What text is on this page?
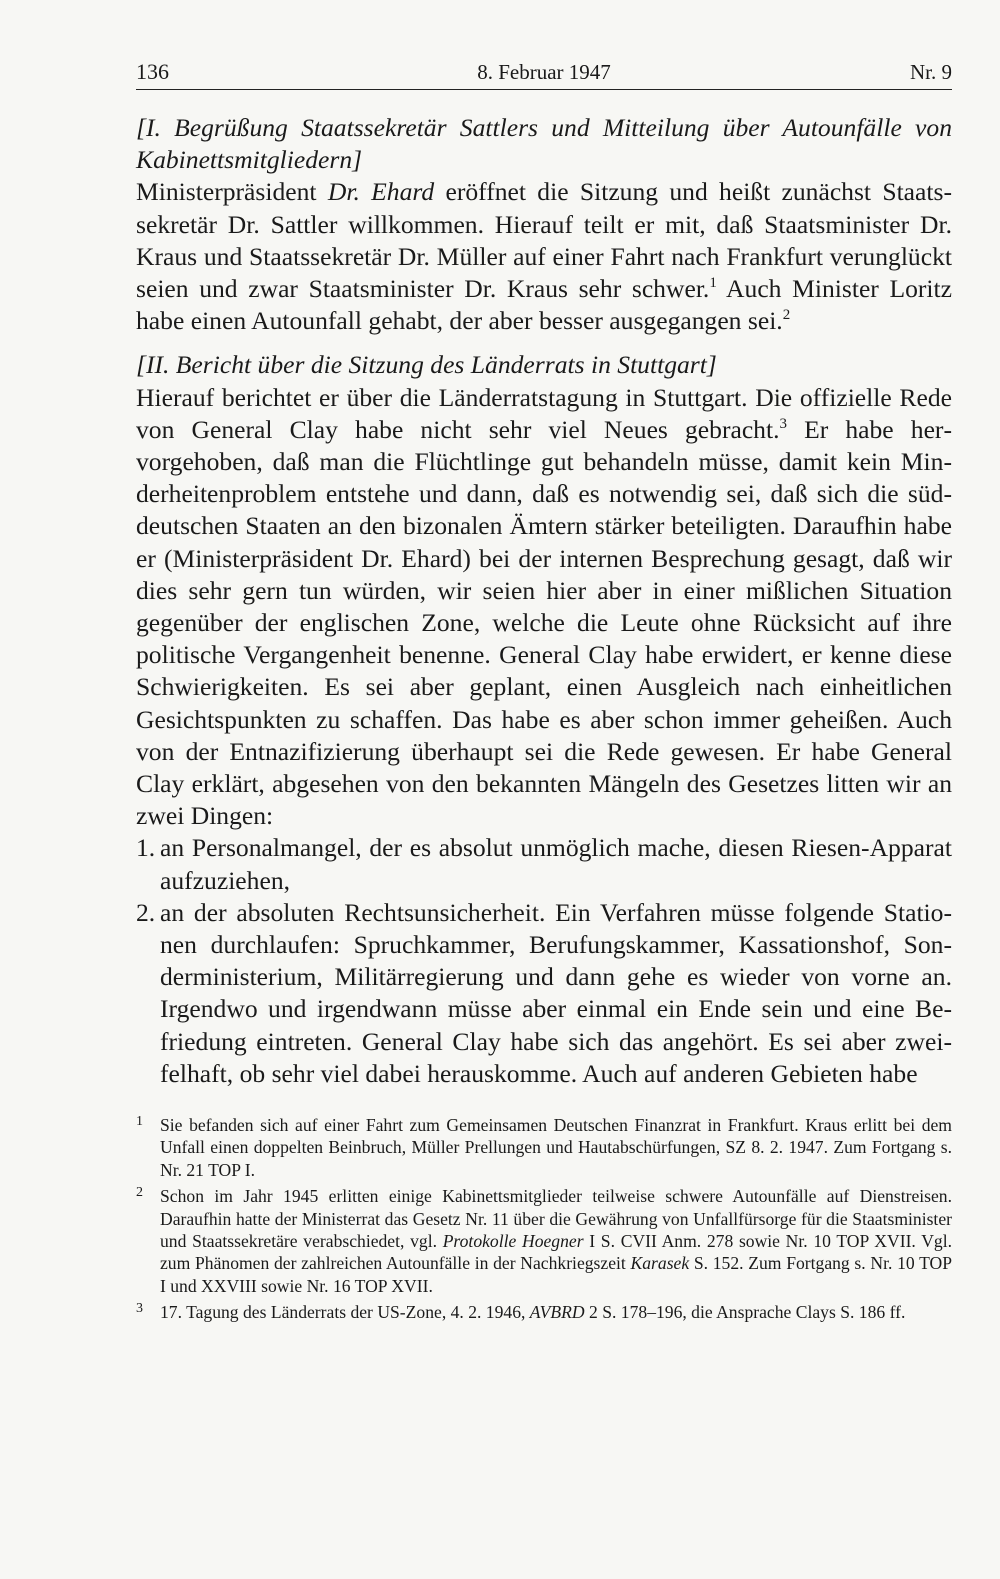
136	8. Februar 1947	Nr. 9

[I. Begrüßung Staatssekretär Sattlers und Mitteilung über Autounfälle von Kabinettsmitgliedern]

Ministerpräsident Dr. Ehard eröffnet die Sitzung und heißt zunächst Staatssekretär Dr. Sattler willkommen. Hierauf teilt er mit, daß Staatsminister Dr. Kraus und Staatssekretär Dr. Müller auf einer Fahrt nach Frankfurt verunglückt seien und zwar Staatsminister Dr. Kraus sehr schwer.$^1$ Auch Minister Loritz habe einen Autounfall gehabt, der aber besser ausgegangen sei.$^2$

[II. Bericht über die Sitzung des Länderrats in Stuttgart]

Hierauf berichtet er über die Länderratstagung in Stuttgart. Die offizielle Rede von General Clay habe nicht sehr viel Neues gebracht.$^3$ Er habe hervorgehoben, daß man die Flüchtlinge gut behandeln müsse, damit kein Minderheitenproblem entstehe und dann, daß es notwendig sei, daß sich die süddeutschen Staaten an den bizonalen Ämtern stärker beteiligten. Daraufhin habe er (Ministerpräsident Dr. Ehard) bei der internen Besprechung gesagt, daß wir dies sehr gern tun würden, wir seien hier aber in einer mißlichen Situation gegenüber der englischen Zone, welche die Leute ohne Rücksicht auf ihre politische Vergangenheit benenne. General Clay habe erwidert, er kenne diese Schwierigkeiten. Es sei aber geplant, einen Ausgleich nach einheitlichen Gesichtspunkten zu schaffen. Das habe es aber schon immer geheißen. Auch von der Entnazifizierung überhaupt sei die Rede gewesen. Er habe General Clay erklärt, abgesehen von den bekannten Mängeln des Gesetzes litten wir an zwei Dingen:

1. an Personalmangel, der es absolut unmöglich mache, diesen Riesen-Apparat aufzuziehen,
2. an der absoluten Rechtsunsicherheit. Ein Verfahren müsse folgende Stationen durchlaufen: Spruchkammer, Berufungskammer, Kassationshof, Sonderministerium, Militärregierung und dann gehe es wieder von vorne an. Irgendwo und irgendwann müsse aber einmal ein Ende sein und eine Befriedung eintreten. General Clay habe sich das angehört. Es sei aber zweifelhaft, ob sehr viel dabei herauskomme. Auch auf anderen Gebieten habe
1 Sie befanden sich auf einer Fahrt zum Gemeinsamen Deutschen Finanzrat in Frankfurt. Kraus erlitt bei dem Unfall einen doppelten Beinbruch, Müller Prellungen und Hautabschürfungen, SZ 8. 2. 1947. Zum Fortgang s. Nr. 21 TOP I.
2 Schon im Jahr 1945 erlitten einige Kabinettsmitglieder teilweise schwere Autounfälle auf Dienstreisen. Daraufhin hatte der Ministerrat das Gesetz Nr. 11 über die Gewährung von Unfallfürsorge für die Staatsminister und Staatssekretäre verabschiedet, vgl. Protokolle Hoegner I S. CVII Anm. 278 sowie Nr. 10 TOP XVII. Vgl. zum Phänomen der zahlreichen Autounfälle in der Nachkriegszeit Karasek S. 152. Zum Fortgang s. Nr. 10 TOP I und XXVIII sowie Nr. 16 TOP XVII.
3 17. Tagung des Länderrats der US-Zone, 4. 2. 1946, AVBRD 2 S. 178–196, die Ansprache Clays S. 186 ff.
